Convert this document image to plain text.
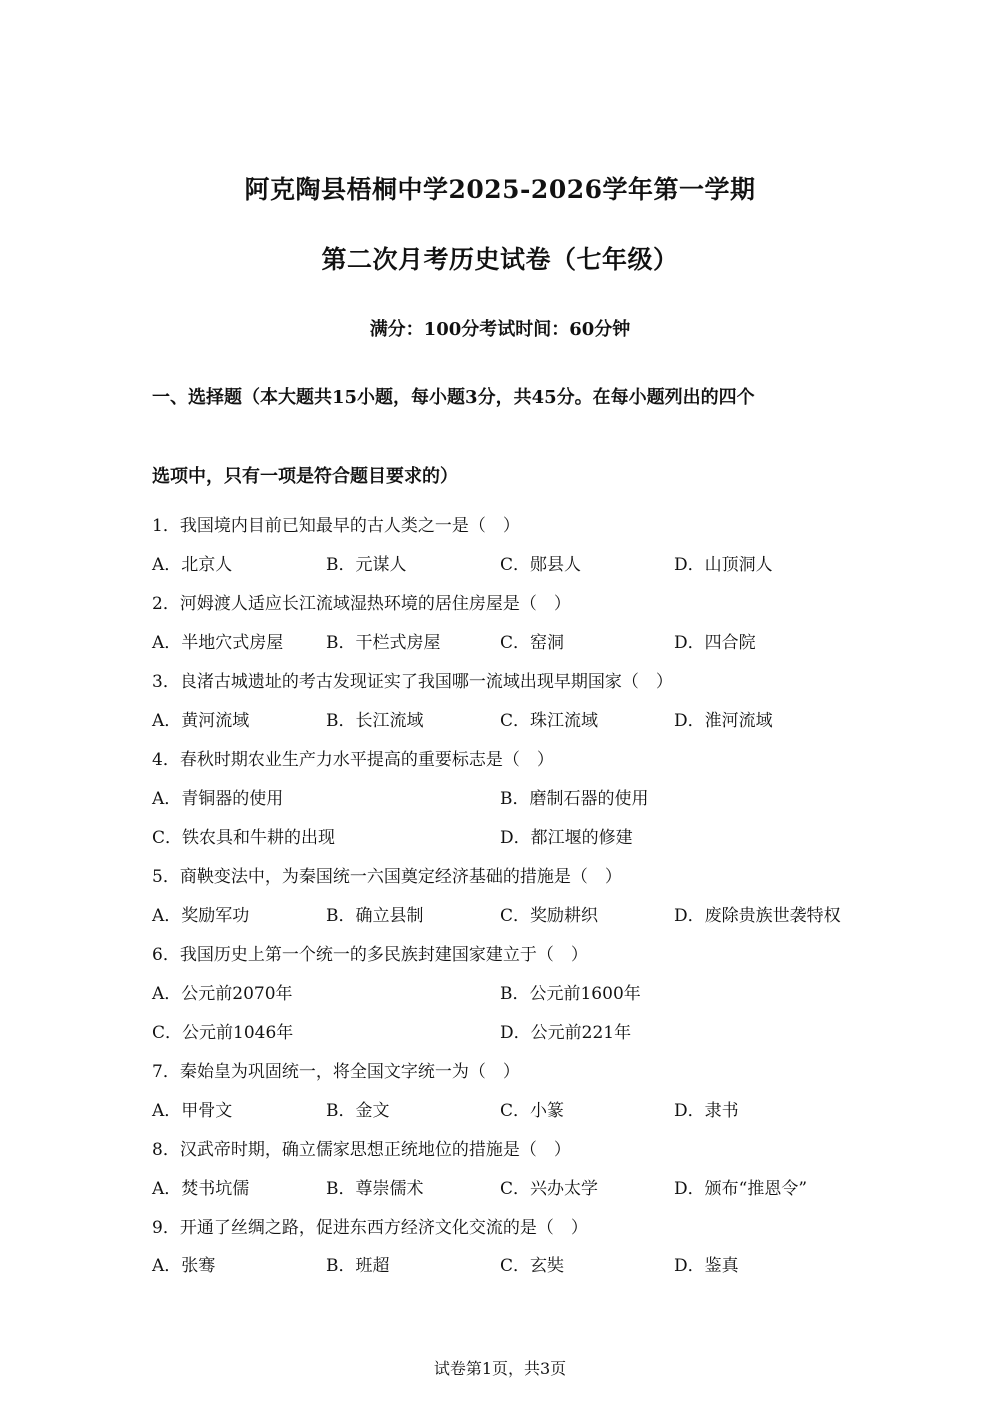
阿克陶县梧桐中学2025-2026学年第一学期
第二次月考历史试卷（七年级）
满分：100分考试时间：60分钟
一、选择题（本大题共15小题，每小题3分，共45分。在每小题列出的四个
选项中，只有一项是符合题目要求的）
1．我国境内目前已知最早的古人类之一是（　）
A．北京人	B．元谋人	C．郧县人	D．山顶洞人
2．河姆渡人适应长江流域湿热环境的居住房屋是（　）
A．半地穴式房屋	B．干栏式房屋	C．窑洞	D．四合院
3．良渚古城遗址的考古发现证实了我国哪一流域出现早期国家（　）
A．黄河流域	B．长江流域	C．珠江流域	D．淮河流域
4．春秋时期农业生产力水平提高的重要标志是（　）
A．青铜器的使用	B．磨制石器的使用
C．铁农具和牛耕的出现	D．都江堰的修建
5．商鞅变法中，为秦国统一六国奠定经济基础的措施是（　）
A．奖励军功	B．确立县制	C．奖励耕织	D．废除贵族世袭特权
6．我国历史上第一个统一的多民族封建国家建立于（　）
A．公元前2070年	B．公元前1600年
C．公元前1046年	D．公元前221年
7．秦始皇为巩固统一，将全国文字统一为（　）
A．甲骨文	B．金文	C．小篆	D．隶书
8．汉武帝时期，确立儒家思想正统地位的措施是（　）
A．焚书坑儒	B．尊崇儒术	C．兴办太学	D．颁布“推恩令”
9．开通了丝绸之路，促进东西方经济文化交流的是（　）
A．张骞	B．班超	C．玄奘	D．鉴真
试卷第1页，共3页
